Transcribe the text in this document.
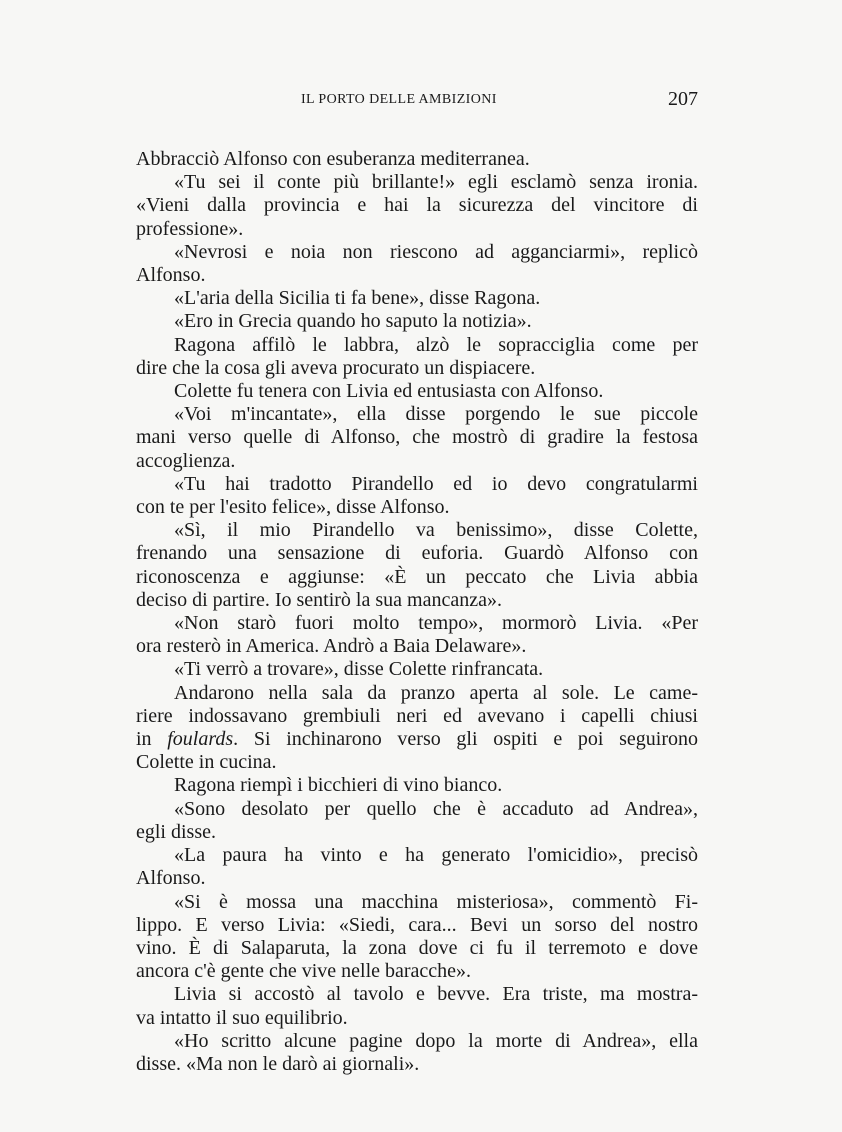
IL PORTO DELLE AMBIZIONI	207
Abbracciò Alfonso con esuberanza mediterranea.
«Tu sei il conte più brillante!» egli esclamò senza ironia.
«Vieni dalla provincia e hai la sicurezza del vincitore di
professione».
«Nevrosi e noia non riescono ad agganciarmi», replicò
Alfonso.
«L'aria della Sicilia ti fa bene», disse Ragona.
«Ero in Grecia quando ho saputo la notizia».
Ragona affilò le labbra, alzò le sopracciglia come per
dire che la cosa gli aveva procurato un dispiacere.
Colette fu tenera con Livia ed entusiasta con Alfonso.
«Voi m'incantate», ella disse porgendo le sue piccole
mani verso quelle di Alfonso, che mostrò di gradire la festosa
accoglienza.
«Tu hai tradotto Pirandello ed io devo congratularmi
con te per l'esito felice», disse Alfonso.
«Sì, il mio Pirandello va benissimo», disse Colette,
frenando una sensazione di euforia. Guardò Alfonso con
riconoscenza e aggiunse: «È un peccato che Livia abbia
deciso di partire. Io sentirò la sua mancanza».
«Non starò fuori molto tempo», mormorò Livia. «Per
ora resterò in America. Andrò a Baia Delaware».
«Ti verrò a trovare», disse Colette rinfrancata.
Andarono nella sala da pranzo aperta al sole. Le came-
riere indossavano grembiuli neri ed avevano i capelli chiusi
in foulards. Si inchinarono verso gli ospiti e poi seguirono
Colette in cucina.
Ragona riempì i bicchieri di vino bianco.
«Sono desolato per quello che è accaduto ad Andrea»,
egli disse.
«La paura ha vinto e ha generato l'omicidio», precisò
Alfonso.
«Si è mossa una macchina misteriosa», commentò Fi-
lippo. E verso Livia: «Siedi, cara... Bevi un sorso del nostro
vino. È di Salaparuta, la zona dove ci fu il terremoto e dove
ancora c'è gente che vive nelle baracche».
Livia si accostò al tavolo e bevve. Era triste, ma mostra-
va intatto il suo equilibrio.
«Ho scritto alcune pagine dopo la morte di Andrea», ella
disse. «Ma non le darò ai giornali».
